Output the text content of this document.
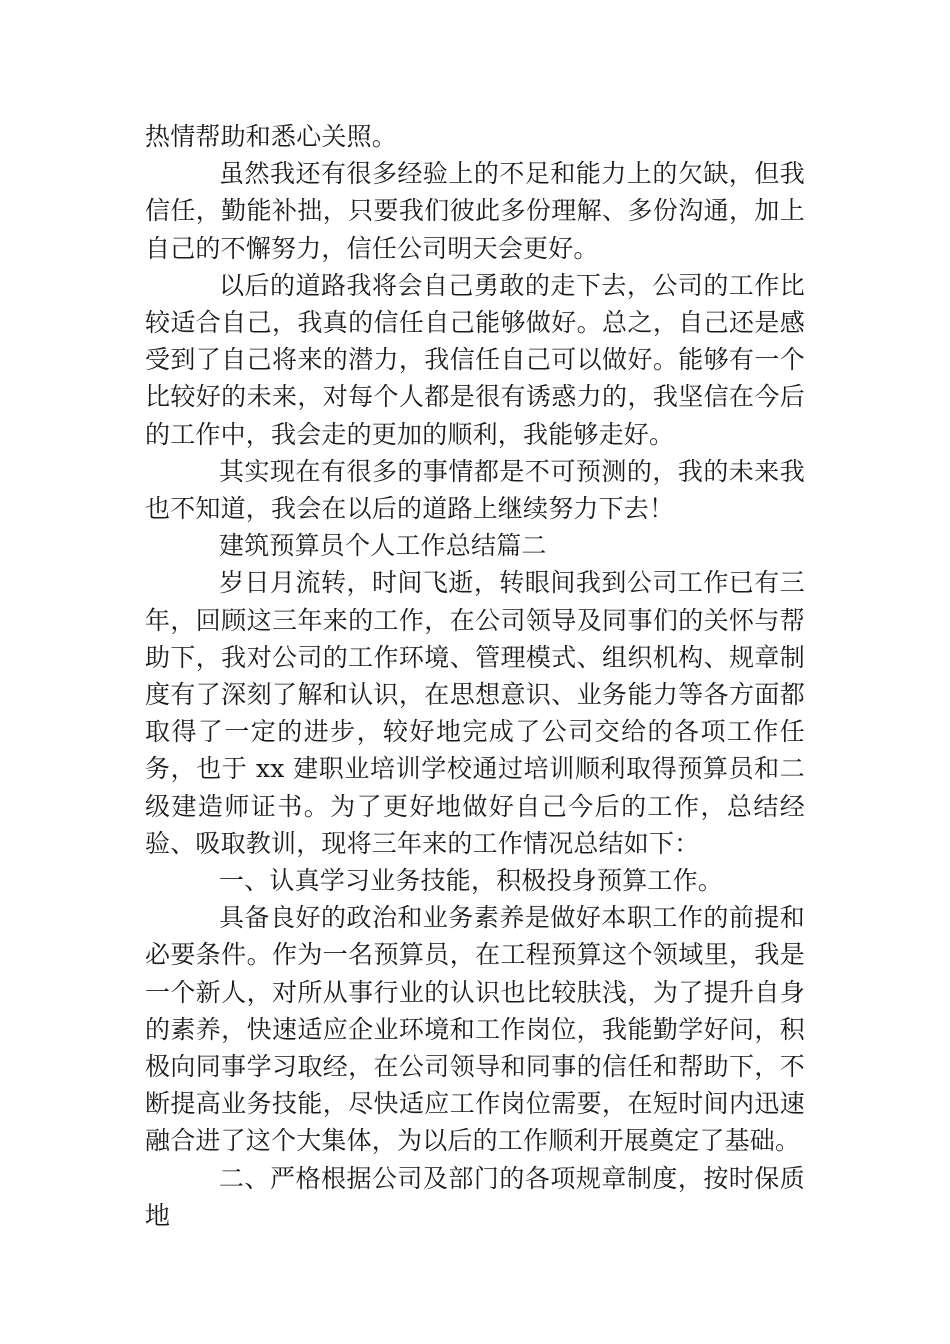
热情帮助和悉心关照。

虽然我还有很多经验上的不足和能力上的欠缺，但我信任，勤能补拙，只要我们彼此多份理解、多份沟通，加上自己的不懈努力，信任公司明天会更好。

以后的道路我将会自己勇敢的走下去，公司的工作比较适合自己，我真的信任自己能够做好。总之，自己还是感受到了自己将来的潜力，我信任自己可以做好。能够有一个比较好的未来，对每个人都是很有诱惑力的，我坚信在今后的工作中，我会走的更加的顺利，我能够走好。

其实现在有很多的事情都是不可预测的，我的未来我也不知道，我会在以后的道路上继续努力下去！

建筑预算员个人工作总结篇二

岁日月流转，时间飞逝，转眼间我到公司工作已有三年，回顾这三年来的工作，在公司领导及同事们的关怀与帮助下，我对公司的工作环境、管理模式、组织机构、规章制度有了深刻了解和认识，在思想意识、业务能力等各方面都取得了一定的进步，较好地完成了公司交给的各项工作任务，也于 xx 建职业培训学校通过培训顺利取得预算员和二级建造师证书。为了更好地做好自己今后的工作，总结经验、吸取教训，现将三年来的工作情况总结如下：

一、认真学习业务技能，积极投身预算工作。

具备良好的政治和业务素养是做好本职工作的前提和必要条件。作为一名预算员，在工程预算这个领域里，我是一个新人，对所从事行业的认识也比较肤浅，为了提升自身的素养，快速适应企业环境和工作岗位，我能勤学好问，积极向同事学习取经，在公司领导和同事的信任和帮助下，不断提高业务技能，尽快适应工作岗位需要，在短时间内迅速融合进了这个大集体，为以后的工作顺利开展奠定了基础。

二、严格根据公司及部门的各项规章制度，按时保质地
